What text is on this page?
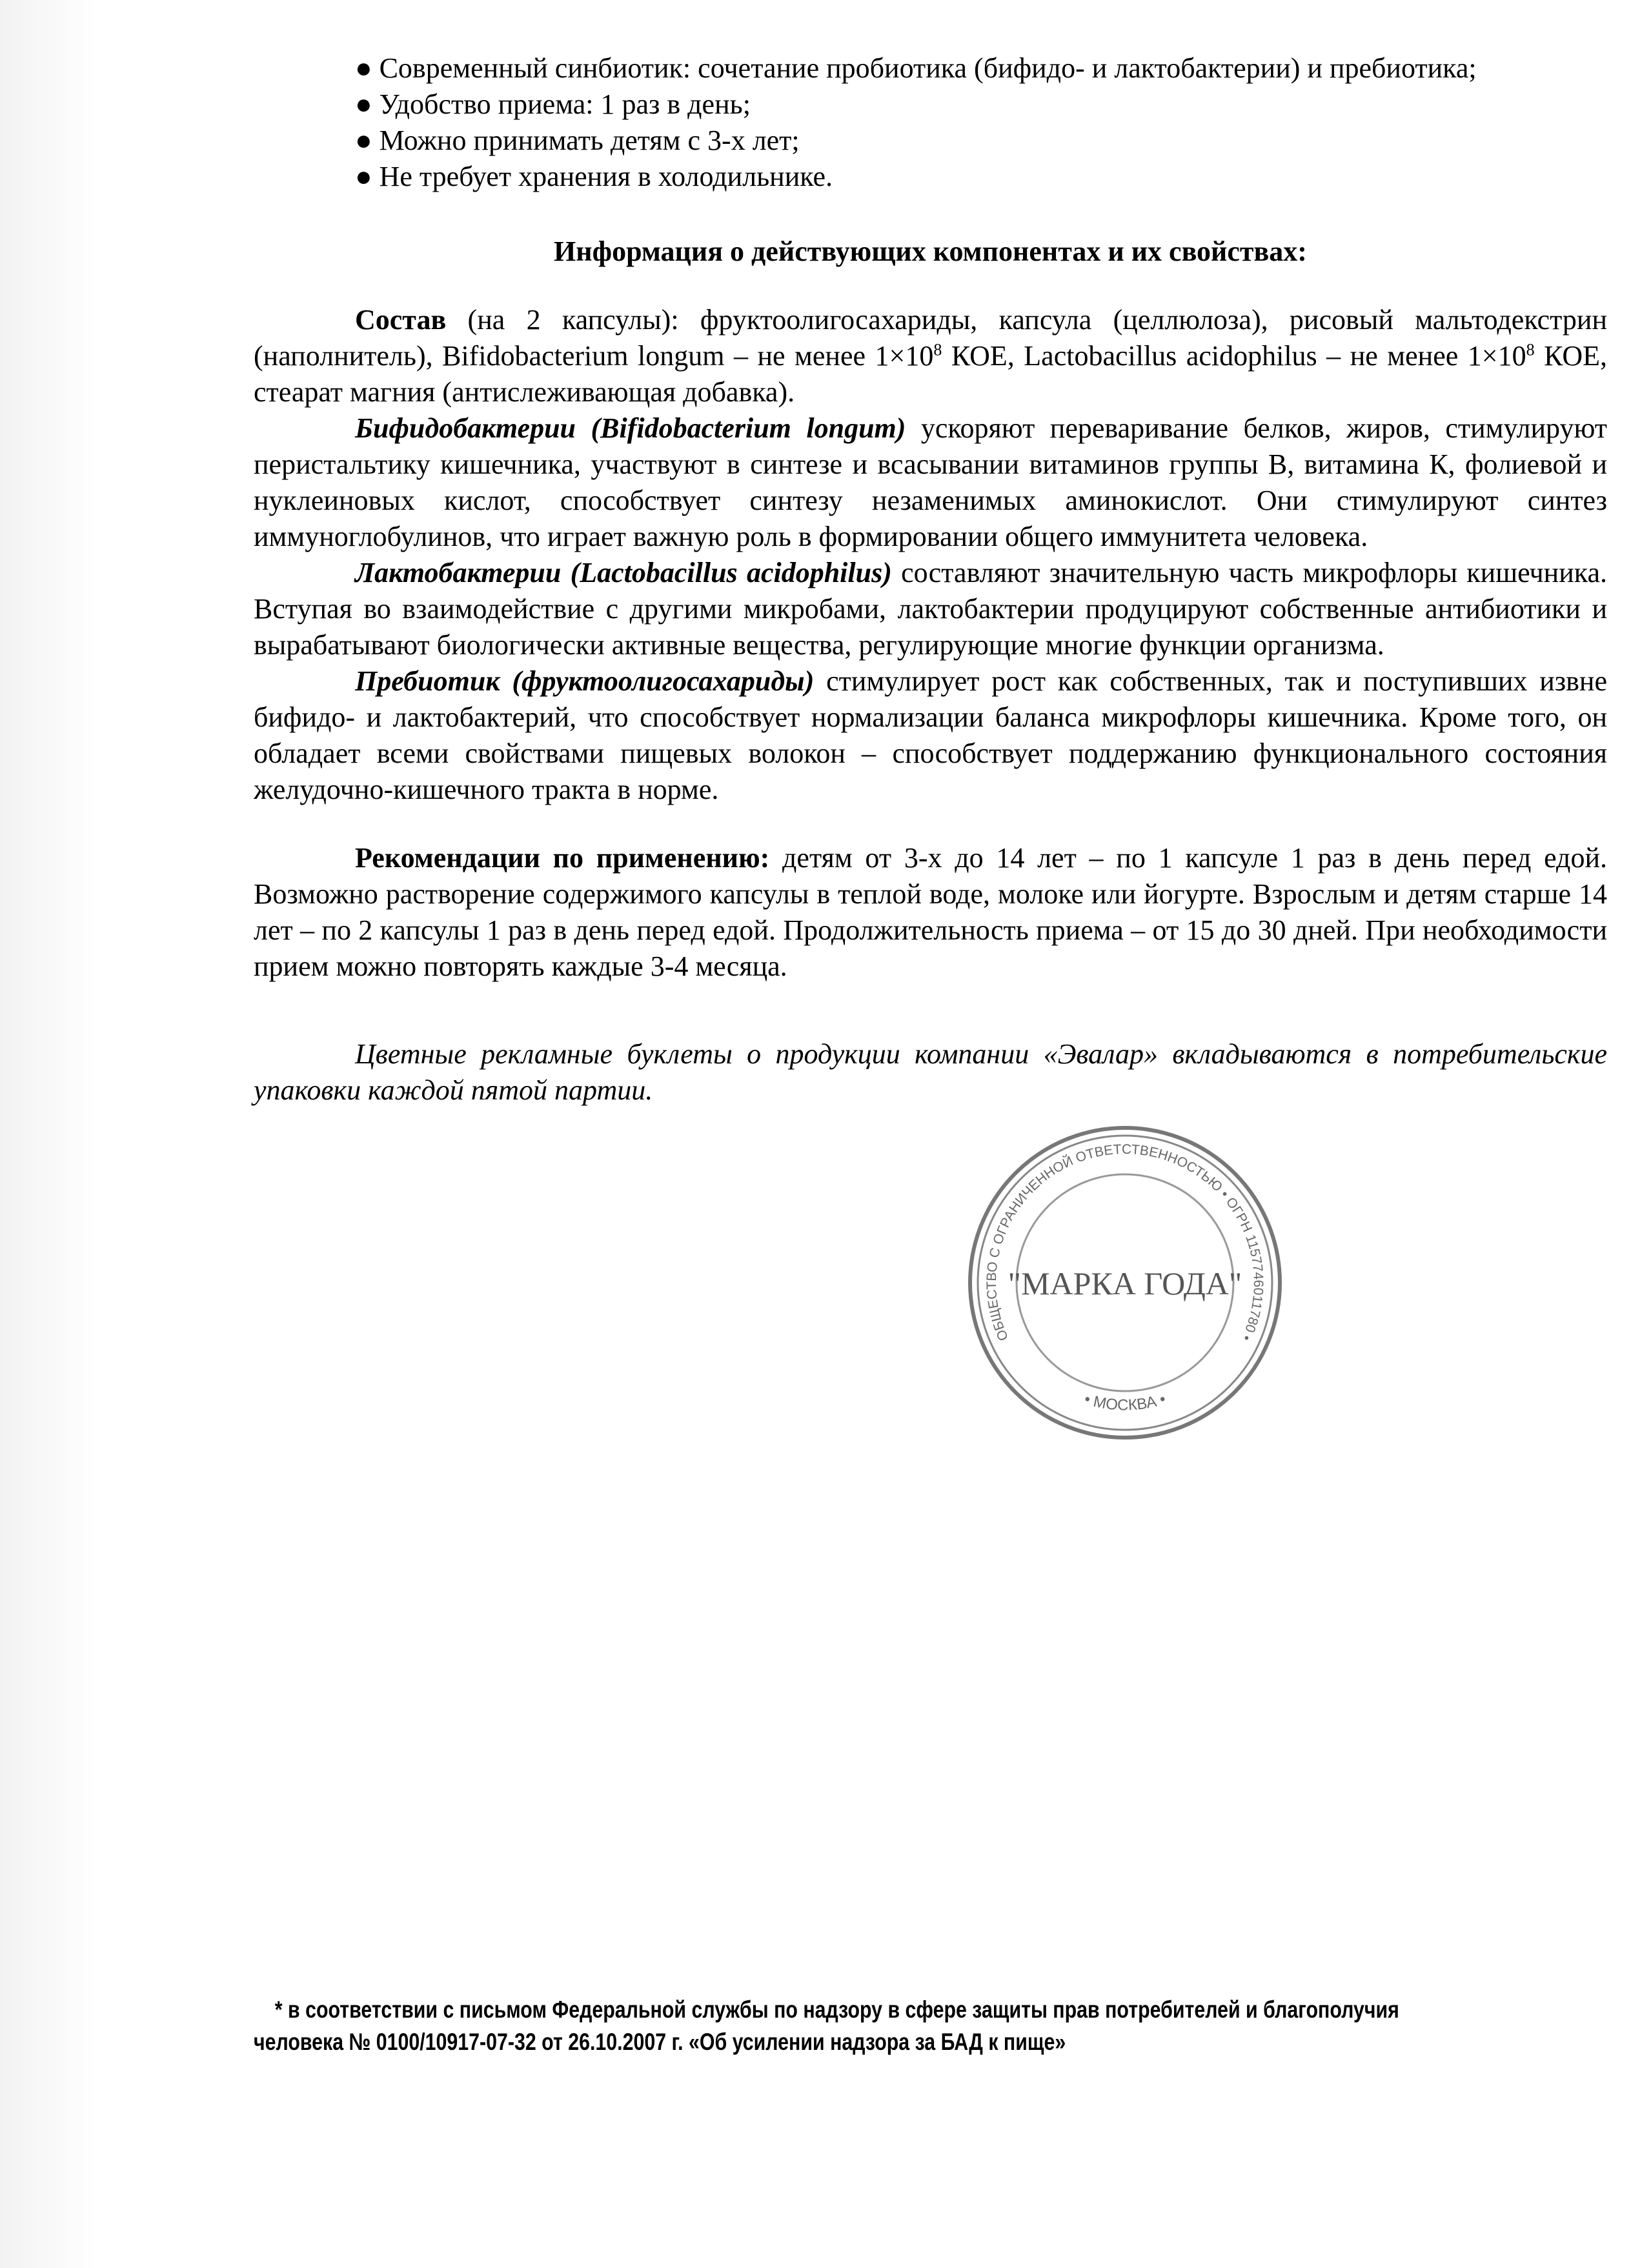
● Современный синбиотик: сочетание пробиотика (бифидо- и лактобактерии) и пребиотика;
● Удобство приема: 1 раз в день;
● Можно принимать детям с 3-х лет;
● Не требует хранения в холодильнике.
Информация о действующих компонентах и их свойствах:
Состав (на 2 капсулы): фруктоолигосахариды, капсула (целлюлоза), рисовый мальтодекстрин (наполнитель), Bifidobacterium longum – не менее $1\times 10^8$ КОЕ, Lactobacillus acidophilus – не менее $1\times 10^8$ КОЕ, стеарат магния (антислеживающая добавка).
Бифидобактерии (Bifidobacterium longum) ускоряют переваривание белков, жиров, стимулируют перистальтику кишечника, участвуют в синтезе и всасывании витаминов группы В, витамина К, фолиевой и нуклеиновых кислот, способствует синтезу незаменимых аминокислот. Они стимулируют синтез иммуноглобулинов, что играет важную роль в формировании общего иммунитета человека.
Лактобактерии (Lactobacillus acidophilus) составляют значительную часть микрофлоры кишечника. Вступая во взаимодействие с другими микробами, лактобактерии продуцируют собственные антибиотики и вырабатывают биологически активные вещества, регулирующие многие функции организма.
Пребиотик (фруктоолигосахариды) стимулирует рост как собственных, так и поступивших извне бифидо- и лактобактерий, что способствует нормализации баланса микрофлоры кишечника. Кроме того, он обладает всеми свойствами пищевых волокон – способствует поддержанию функционального состояния желудочно-кишечного тракта в норме.
Рекомендации по применению: детям от 3-х до 14 лет – по 1 капсуле 1 раз в день перед едой. Возможно растворение содержимого капсулы в теплой воде, молоке или йогурте. Взрослым и детям старше 14 лет – по 2 капсулы 1 раз в день перед едой. Продолжительность приема – от 15 до 30 дней. При необходимости прием можно повторять каждые 3-4 месяца.
Цветные рекламные буклеты о продукции компании «Эвалар» вкладываются в потребительские упаковки каждой пятой партии.
ОБЩЕСТВО С ОГРАНИЧЕННОЙ ОТВЕТСТВЕННОСТЬЮ • ОГРН 1157746011780 •
• МОСКВА •
"МАРКА ГОДА"
* в соответствии с письмом Федеральной службы по надзору в сфере защиты прав потребителей и благополучия
человека № 0100/10917-07-32 от 26.10.2007 г. «Об усилении надзора за БАД к пище»
